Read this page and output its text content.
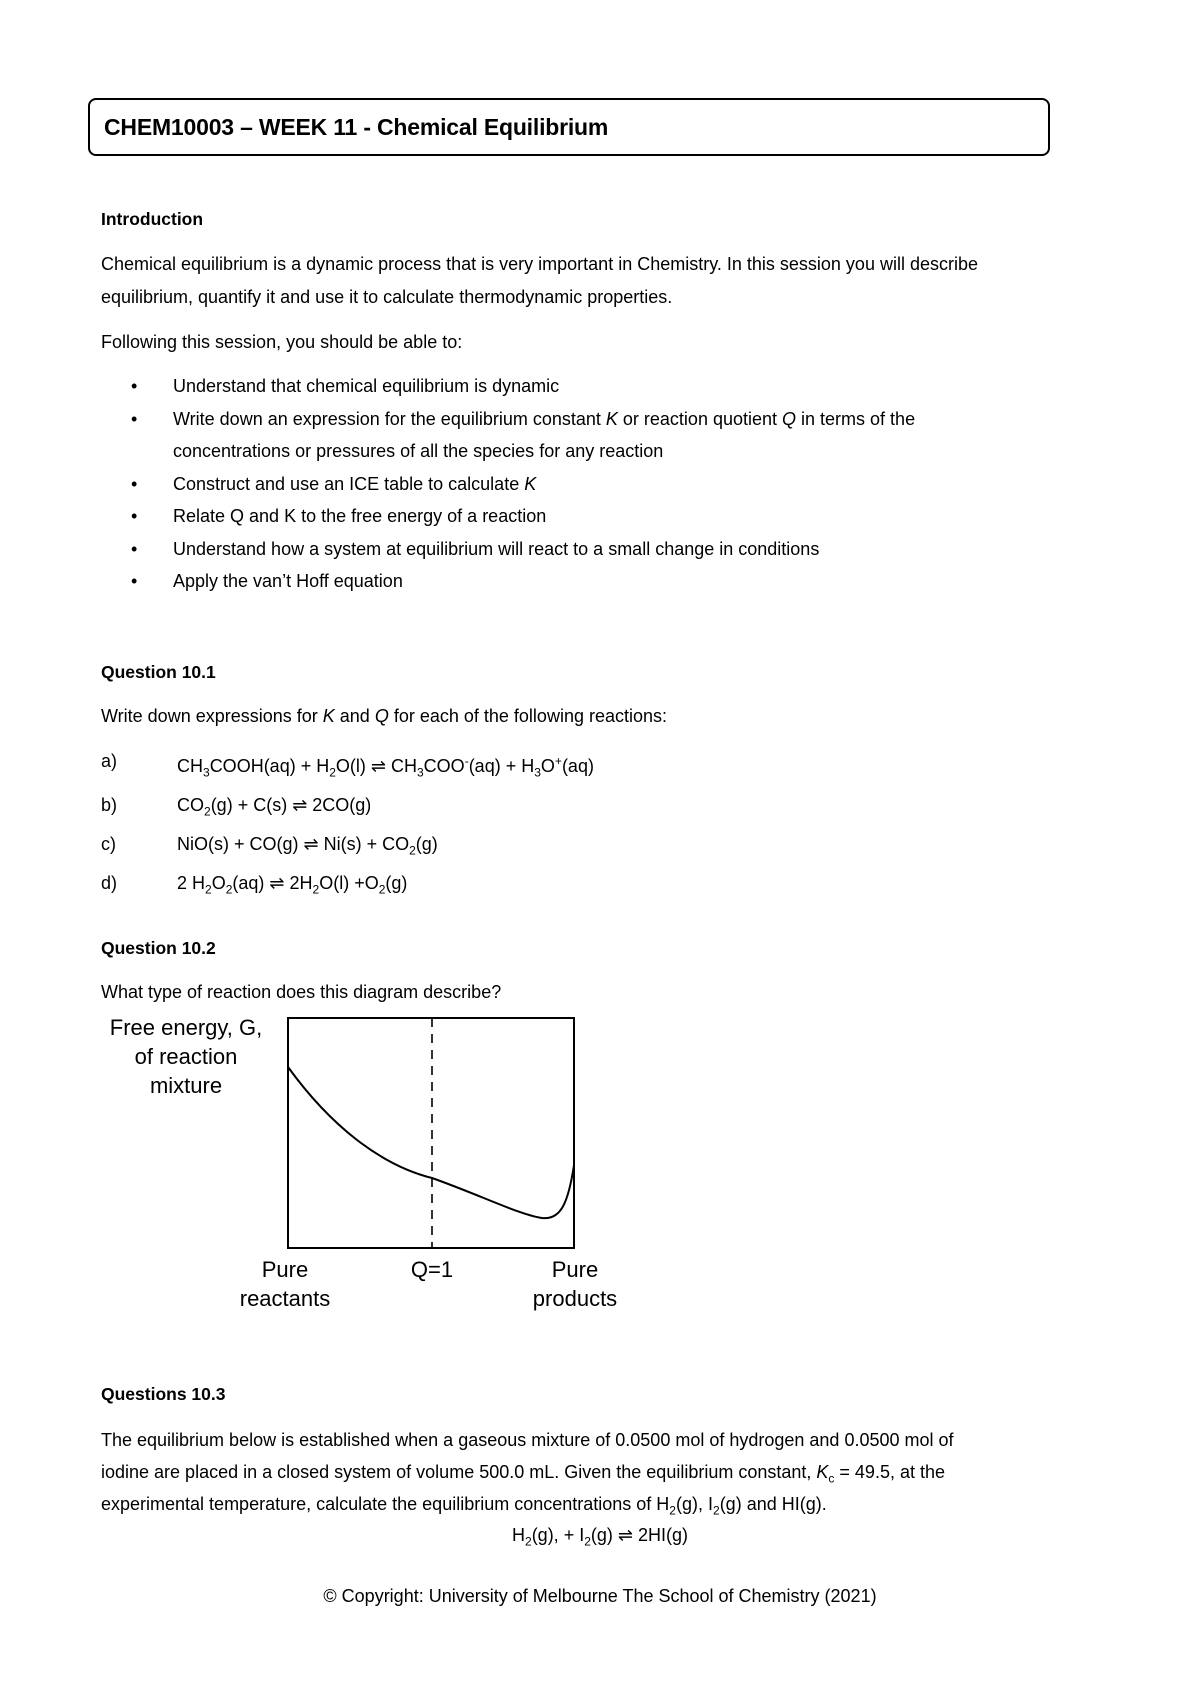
CHEM10003 – WEEK 11 - Chemical Equilibrium
Introduction
Chemical equilibrium is a dynamic process that is very important in Chemistry. In this session you will describe
equilibrium, quantify it and use it to calculate thermodynamic properties.
Following this session, you should be able to:
• Understand that chemical equilibrium is dynamic
• Write down an expression for the equilibrium constant K or reaction quotient Q in terms of the
concentrations or pressures of all the species for any reaction
• Construct and use an ICE table to calculate K
• Relate Q and K to the free energy of a reaction
• Understand how a system at equilibrium will react to a small change in conditions
• Apply the van’t Hoff equation
Question 10.1
Write down expressions for K and Q for each of the following reactions:
a)	$CH_3COOH(aq) + H_2O(l)$ ⇌ $CH_3COO^-(aq) + H_3O^+(aq)$
b)	$CO_2(g) + C(s)$ ⇌ 2CO(g)
c)	NiO(s) + CO(g) ⇌ $Ni(s) + CO_2(g)$
d)	2 $H_2O_2(aq)$ ⇌ $2H_2O(l) +O_2(g)$
Question 10.2
What type of reaction does this diagram describe?
Free energy, G,
of reaction
mixture
Pure
reactants
Q=1	Pure
products
Questions 10.3
The equilibrium below is established when a gaseous mixture of 0.0500 mol of hydrogen and 0.0500 mol of
iodine are placed in a closed system of volume 500.0 mL. Given the equilibrium constant, $K_c = 49.5$, at the
experimental temperature, calculate the equilibrium concentrations of $H_2(g)$, $I_2(g)$ and HI(g).
$H_2(g)$, + $I_2(g)$ ⇌ 2HI(g)
© Copyright: University of Melbourne The School of Chemistry (2021)
